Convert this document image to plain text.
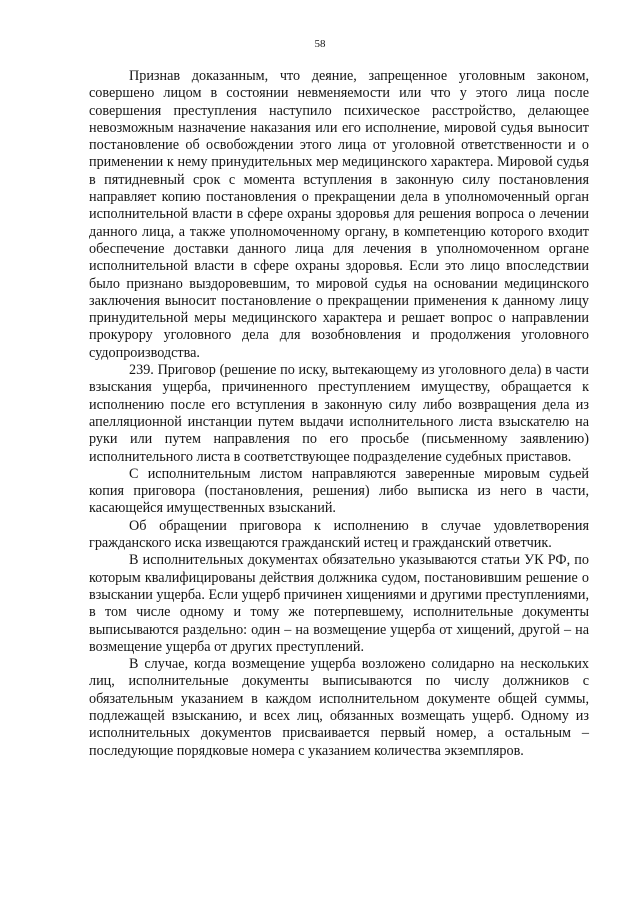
58

Признав доказанным, что деяние, запрещенное уголовным законом, совершено лицом в состоянии невменяемости или что у этого лица после совершения преступления наступило психическое расстройство, делающее невозможным назначение наказания или его исполнение, мировой судья выносит постановление об освобождении этого лица от уголовной ответственности и о применении к нему принудительных мер медицинского характера. Мировой судья в пятидневный срок с момента вступления в законную силу постановления направляет копию постановления о прекращении дела в уполномоченный орган исполнительной власти в сфере охраны здоровья для решения вопроса о лечении данного лица, а также уполномоченному органу, в компетенцию которого входит обеспечение доставки данного лица для лечения в уполномоченном органе исполнительной власти в сфере охраны здоровья. Если это лицо впоследствии было признано выздоровевшим, то мировой судья на основании медицинского заключения выносит постановление о прекращении применения к данному лицу принудительной меры медицинского характера и решает вопрос о направлении прокурору уголовного дела для возобновления и продолжения уголовного судопроизводства.

239. Приговор (решение по иску, вытекающему из уголовного дела) в части взыскания ущерба, причиненного преступлением имуществу, обращается к исполнению после его вступления в законную силу либо возвращения дела из апелляционной инстанции путем выдачи исполнительного листа взыскателю на руки или путем направления по его просьбе (письменному заявлению) исполнительного листа в соответствующее подразделение судебных приставов.

С исполнительным листом направляются заверенные мировым судьей копия приговора (постановления, решения) либо выписка из него в части, касающейся имущественных взысканий.

Об обращении приговора к исполнению в случае удовлетворения гражданского иска извещаются гражданский истец и гражданский ответчик.

В исполнительных документах обязательно указываются статьи УК РФ, по которым квалифицированы действия должника судом, постановившим решение о взыскании ущерба. Если ущерб причинен хищениями и другими преступлениями, в том числе одному и тому же потерпевшему, исполнительные документы выписываются раздельно: один – на возмещение ущерба от хищений, другой – на возмещение ущерба от других преступлений.

В случае, когда возмещение ущерба возложено солидарно на нескольких лиц, исполнительные документы выписываются по числу должников с обязательным указанием в каждом исполнительном документе общей суммы, подлежащей взысканию, и всех лиц, обязанных возмещать ущерб. Одному из исполнительных документов присваивается первый номер, а остальным – последующие порядковые номера с указанием количества экземпляров.
